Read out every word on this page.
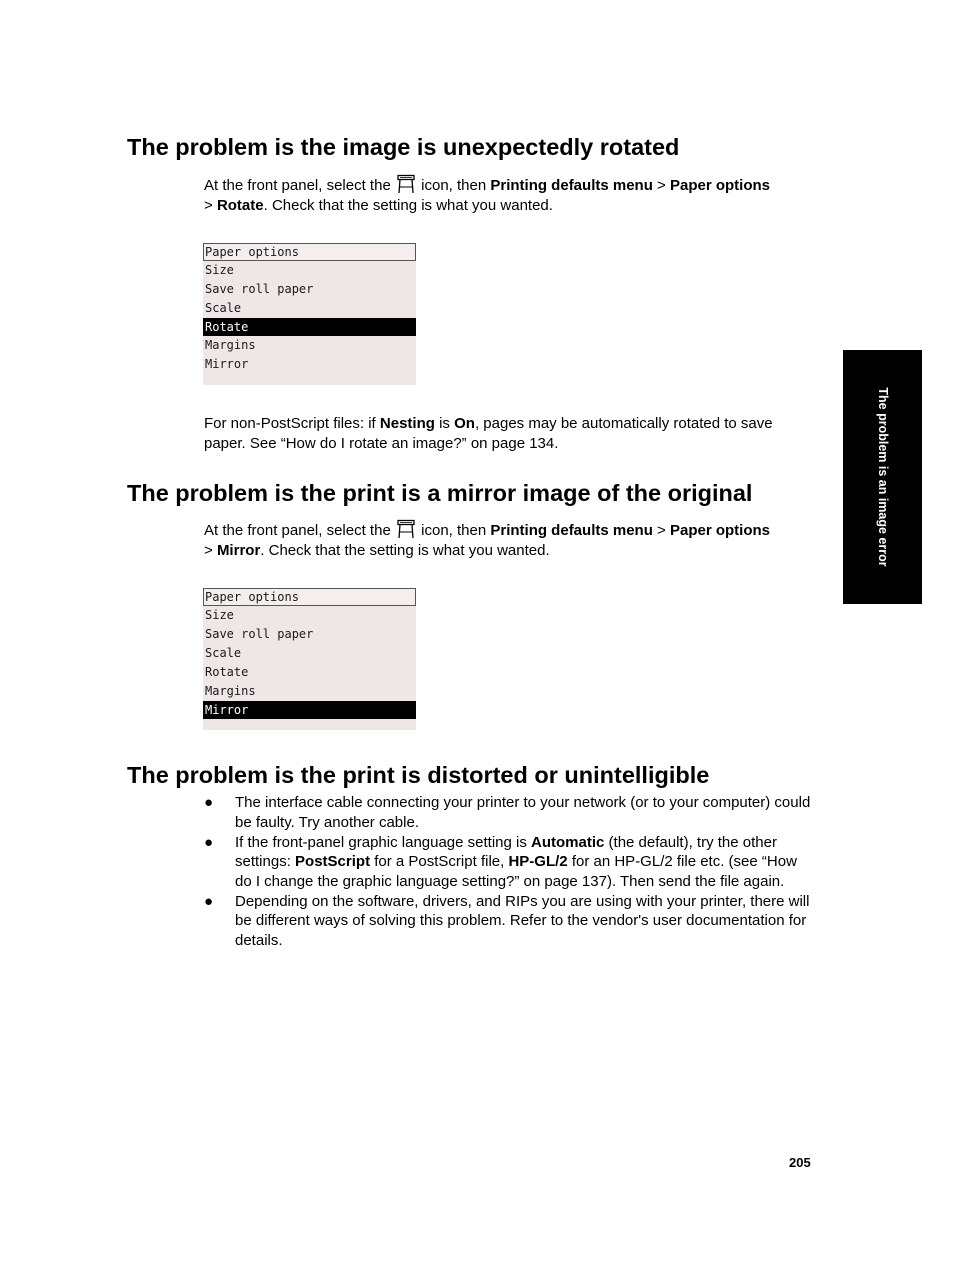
The problem is the image is unexpectedly rotated

At the front panel, select the icon, then Printing defaults menu > Paper options
> Rotate. Check that the setting is what you wanted.

Paper options
Size
Save roll paper
Scale
Rotate
Margins
Mirror

For non-PostScript files: if Nesting is On, pages may be automatically rotated to save paper. See “How do I rotate an image?” on page 134.

The problem is the print is a mirror image of the original

At the front panel, select the icon, then Printing defaults menu > Paper options
> Mirror. Check that the setting is what you wanted.

Paper options
Size
Save roll paper
Scale
Rotate
Margins
Mirror
The problem is the print is distorted or unintelligible
● The interface cable connecting your printer to your network (or to your computer) could be faulty. Try another cable.
● If the front-panel graphic language setting is Automatic (the default), try the other settings: PostScript for a PostScript file, HP-GL/2 for an HP-GL/2 file etc. (see “How do I change the graphic language setting?” on page 137). Then send the file again.
● Depending on the software, drivers, and RIPs you are using with your printer, there will be different ways of solving this problem. Refer to the vendor's user documentation for details.
The problem is an image error
205
